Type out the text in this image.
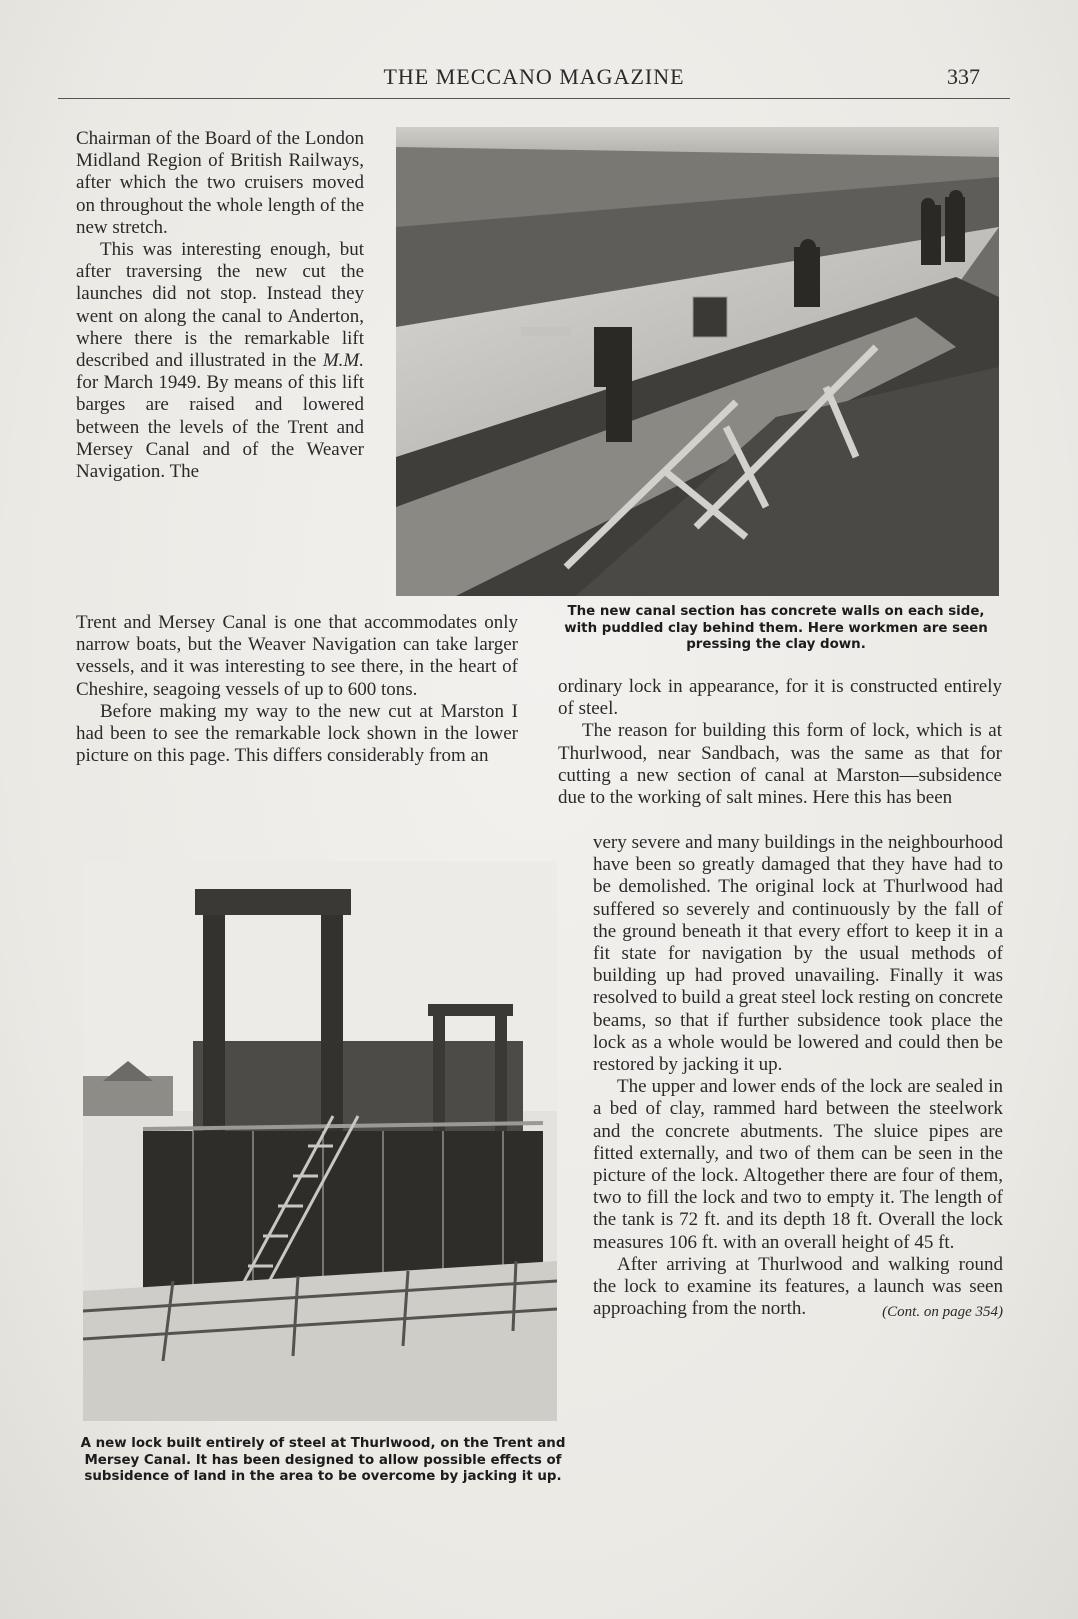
THE MECCANO MAGAZINE	337

Chairman of the Board of the London Midland Region of British Railways, after which the two cruisers moved on throughout the whole length of the new stretch.

This was interesting enough, but after traversing the new cut the launches did not stop. Instead they went on along the canal to Anderton, where there is the remarkable lift described and illustrated in the M.M. for March 1949. By means of this lift barges are raised and lowered between the levels of the Trent and Mersey Canal and of the Weaver Navigation. The

Trent and Mersey Canal is one that accommodates only narrow boats, but the Weaver Navigation can take larger vessels, and it was interesting to see there, in the heart of Cheshire, seagoing vessels of up to 600 tons.

Before making my way to the new cut at Marston I had been to see the remarkable lock shown in the lower picture on this page. This differs considerably from an

The new canal section has concrete walls on each side, with puddled clay behind them. Here workmen are seen pressing the clay down.

ordinary lock in appearance, for it is constructed entirely of steel.

The reason for building this form of lock, which is at Thurlwood, near Sandbach, was the same as that for cutting a new section of canal at Marston—subsidence due to the working of salt mines. Here this has been

very severe and many buildings in the neighbourhood have been so greatly damaged that they have had to be demolished. The original lock at Thurlwood had suffered so severely and continuously by the fall of the ground beneath it that every effort to keep it in a fit state for navigation by the usual methods of building up had proved unavailing. Finally it was resolved to build a great steel lock resting on concrete beams, so that if further subsidence took place the lock as a whole would be lowered and could then be restored by jacking it up.

The upper and lower ends of the lock are sealed in a bed of clay, rammed hard between the steelwork and the concrete abutments. The sluice pipes are fitted externally, and two of them can be seen in the picture of the lock. Altogether there are four of them, two to fill the lock and two to empty it. The length of the tank is 72 ft. and its depth 18 ft. Overall the lock measures 106 ft. with an overall height of 45 ft.

After arriving at Thurlwood and walking round the lock to examine its features, a launch was seen approaching from the north.	(Cont. on page 354)

A new lock built entirely of steel at Thurlwood, on the Trent and Mersey Canal. It has been designed to allow possible effects of subsidence of land in the area to be overcome by jacking it up.
